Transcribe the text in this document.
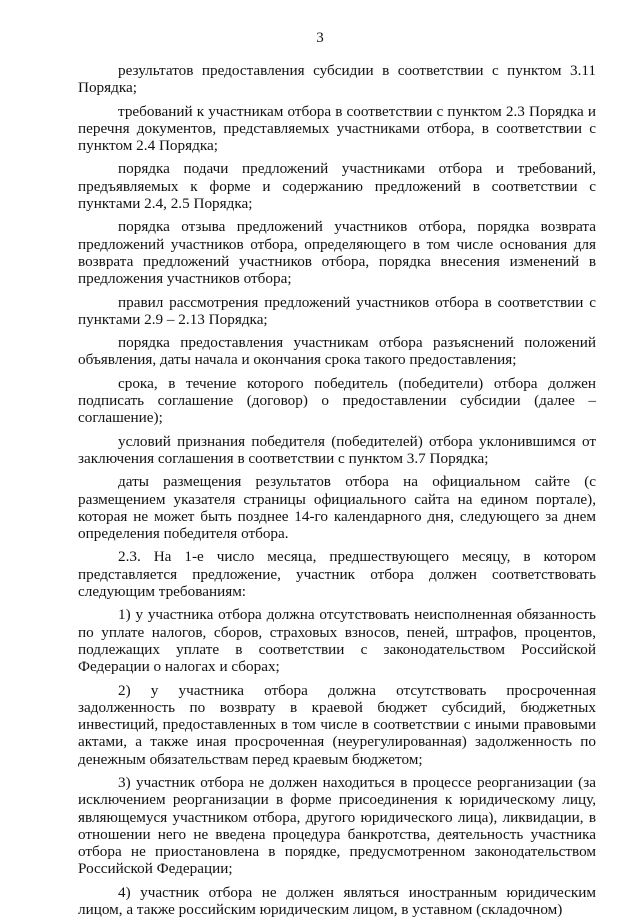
3

результатов предоставления субсидии в соответствии с пунктом 3.11 Порядка;

требований к участникам отбора в соответствии с пунктом 2.3 Порядка и перечня документов, представляемых участниками отбора, в соответствии с пунктом 2.4 Порядка;

порядка подачи предложений участниками отбора и требований, предъявляемых к форме и содержанию предложений в соответствии с пунктами 2.4, 2.5 Порядка;

порядка отзыва предложений участников отбора, порядка возврата предложений участников отбора, определяющего в том числе основания для возврата предложений участников отбора, порядка внесения изменений в предложения участников отбора;

правил рассмотрения предложений участников отбора в соответствии с пунктами 2.9 – 2.13 Порядка;

порядка предоставления участникам отбора разъяснений положений объявления, даты начала и окончания срока такого предоставления;

срока, в течение которого победитель (победители) отбора должен подписать соглашение (договор) о предоставлении субсидии (далее – соглашение);

условий признания победителя (победителей) отбора уклонившимся от заключения соглашения в соответствии с пунктом 3.7 Порядка;

даты размещения результатов отбора на официальном сайте (с размещением указателя страницы официального сайта на едином портале), которая не может быть позднее 14-го календарного дня, следующего за днем определения победителя отбора.

2.3. На 1-е число месяца, предшествующего месяцу, в котором представляется предложение, участник отбора должен соответствовать следующим требованиям:

1) у участника отбора должна отсутствовать неисполненная обязанность по уплате налогов, сборов, страховых взносов, пеней, штрафов, процентов, подлежащих уплате в соответствии с законодательством Российской Федерации о налогах и сборах;

2) у участника отбора должна отсутствовать просроченная задолженность по возврату в краевой бюджет субсидий, бюджетных инвестиций, предоставленных в том числе в соответствии с иными правовыми актами, а также иная просроченная (неурегулированная) задолженность по денежным обязательствам перед краевым бюджетом;

3) участник отбора не должен находиться в процессе реорганизации (за исключением реорганизации в форме присоединения к юридическому лицу, являющемуся участником отбора, другого юридического лица), ликвидации, в отношении него не введена процедура банкротства, деятельность участника отбора не приостановлена в порядке, предусмотренном законодательством Российской Федерации;

4) участник отбора не должен являться иностранным юридическим лицом, а также российским юридическим лицом, в уставном (складочном)
